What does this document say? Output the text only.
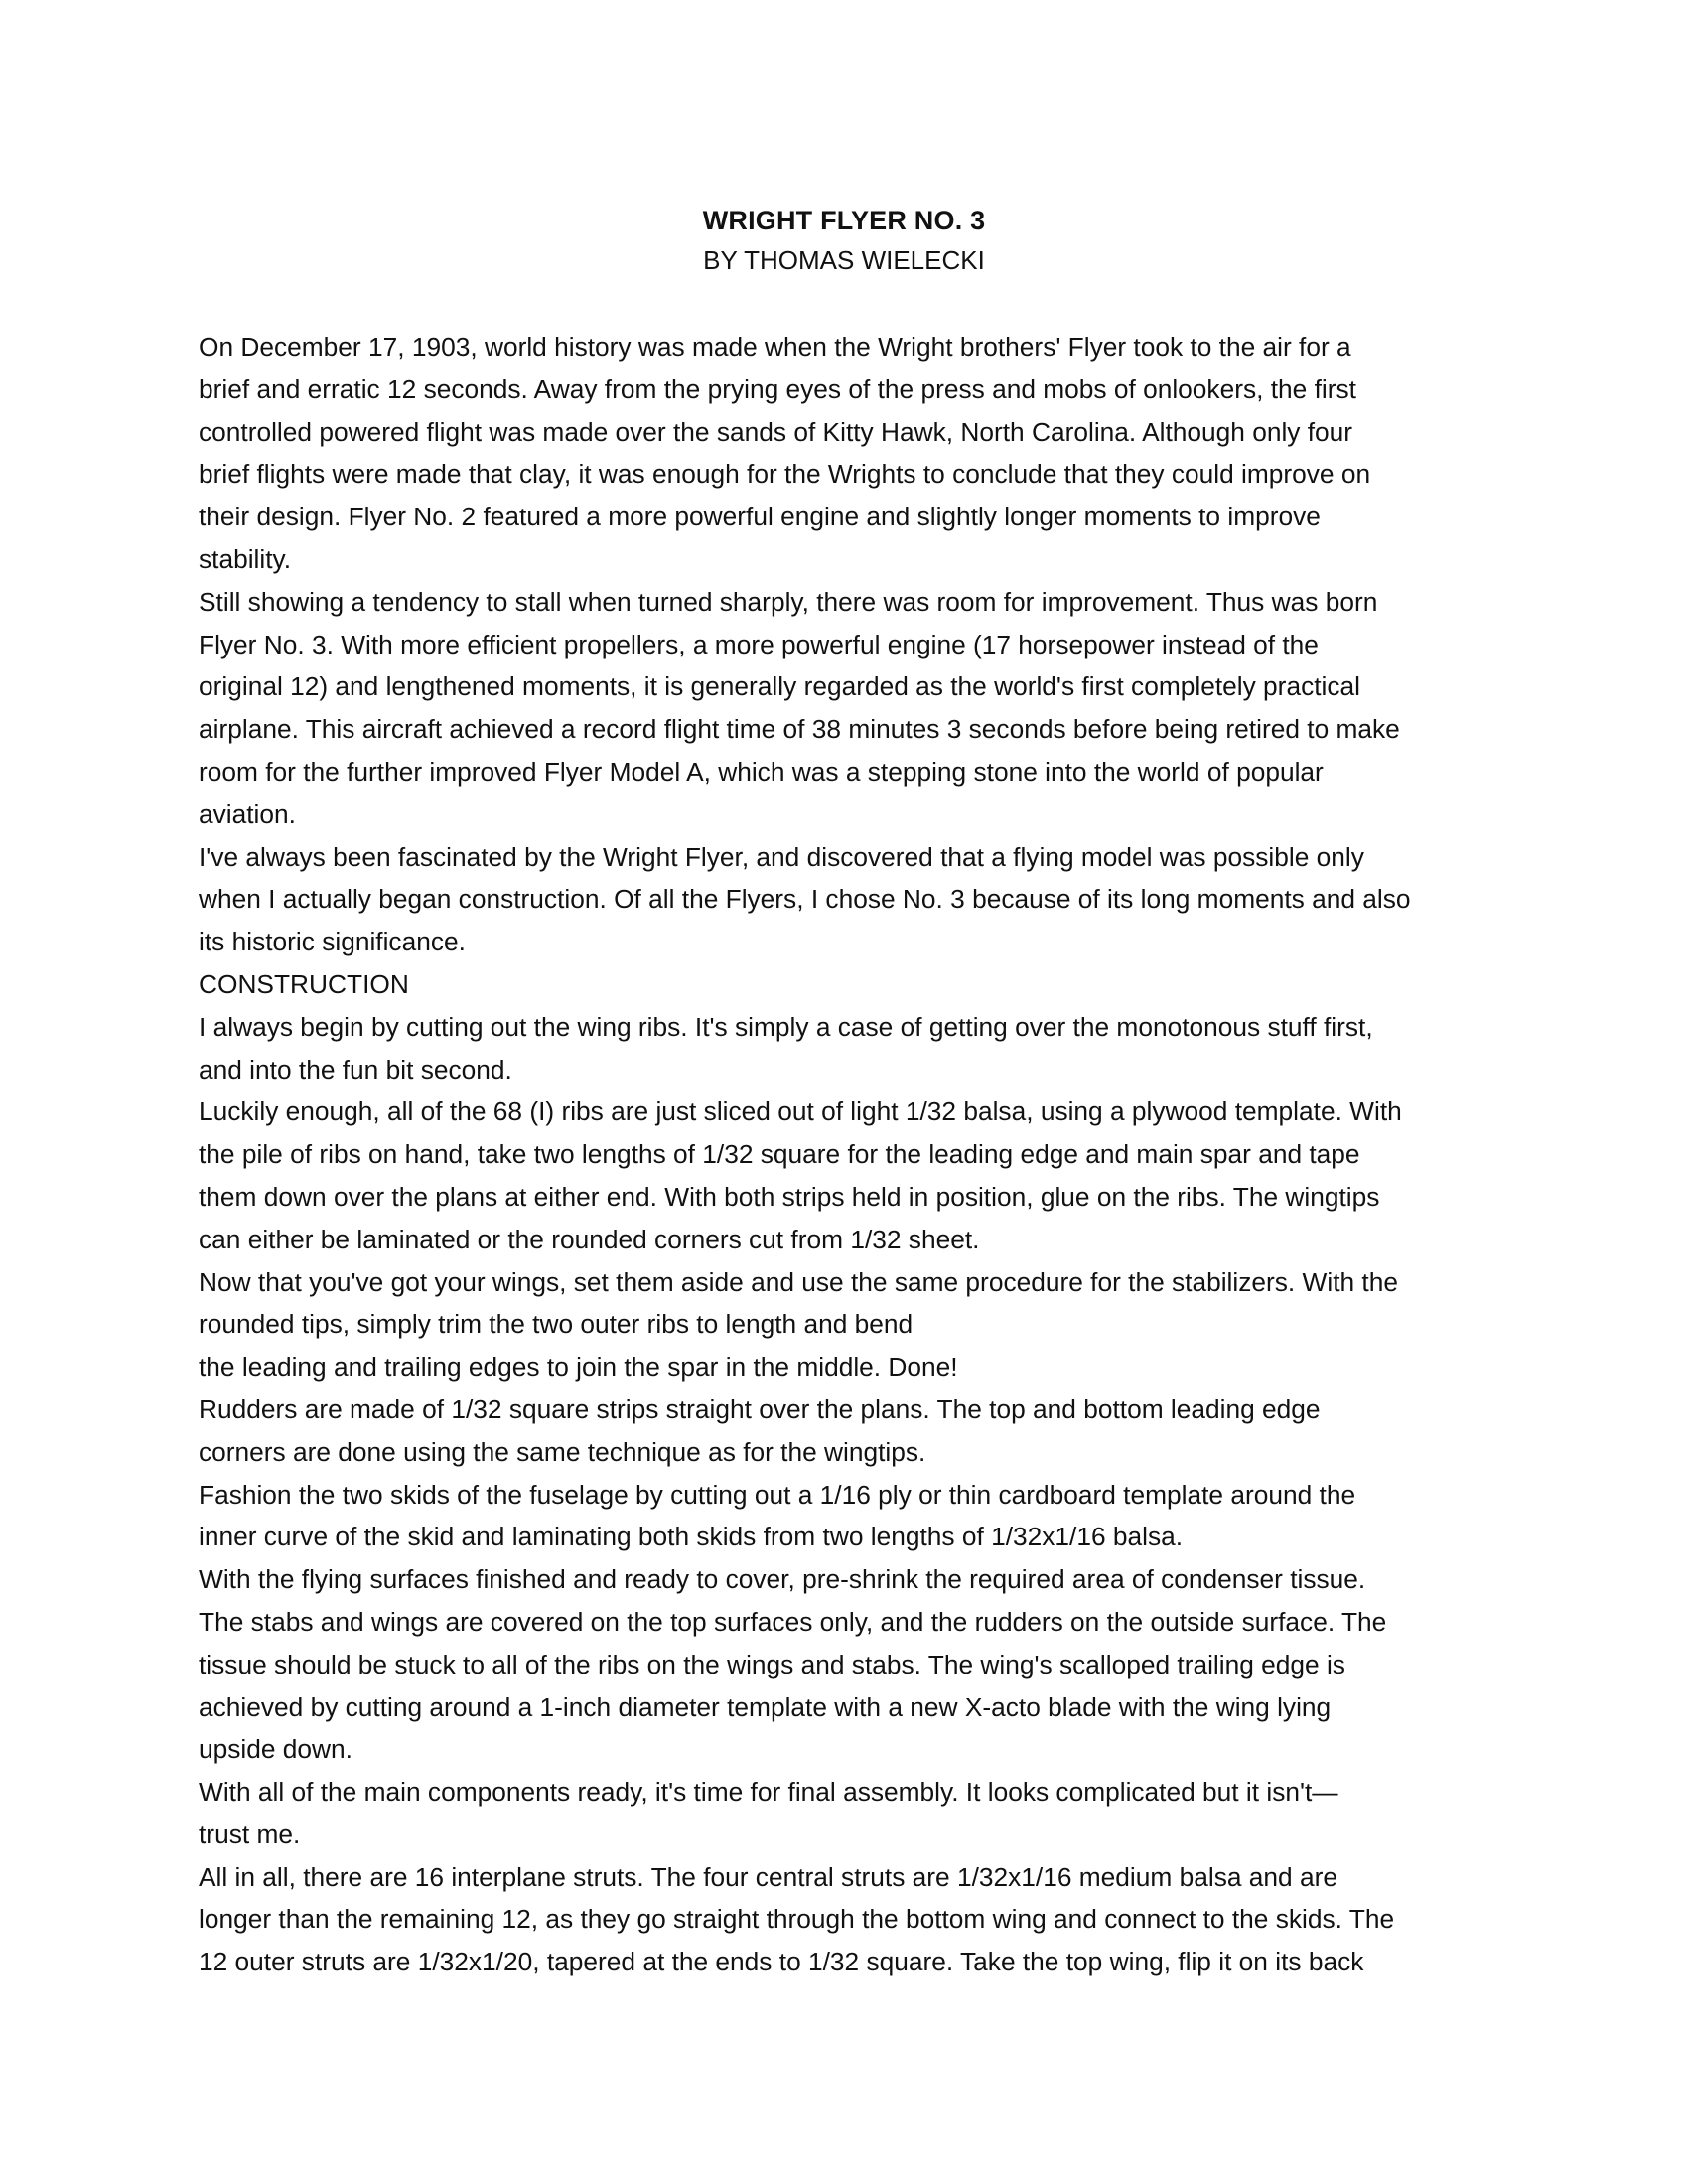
WRIGHT FLYER NO. 3
BY THOMAS WIELECKI
On December 17, 1903, world history was made when the Wright brothers' Flyer took to the air for a
brief and erratic 12 seconds. Away from the prying eyes of the press and mobs of onlookers, the first
controlled powered flight was made over the sands of Kitty Hawk, North Carolina. Although only four
brief flights were made that clay, it was enough for the Wrights to conclude that they could improve on
their design. Flyer No. 2 featured a more powerful engine and slightly longer moments to improve
stability.
Still showing a tendency to stall when turned sharply, there was room for improvement. Thus was born
Flyer No. 3. With more efficient propellers, a more powerful engine (17 horsepower instead of the
original 12) and lengthened moments, it is generally regarded as the world's first completely practical
airplane. This aircraft achieved a record flight time of 38 minutes 3 seconds before being retired to make
room for the further improved Flyer Model A, which was a stepping stone into the world of popular
aviation.
I've always been fascinated by the Wright Flyer, and discovered that a flying model was possible only
when I actually began construction. Of all the Flyers, I chose No. 3 because of its long moments and also
its historic significance.
CONSTRUCTION
I always begin by cutting out the wing ribs. It's simply a case of getting over the monotonous stuff first,
and into the fun bit second.
Luckily enough, all of the 68 (I) ribs are just sliced out of light 1/32 balsa, using a plywood template. With
the pile of ribs on hand, take two lengths of 1/32 square for the leading edge and main spar and tape
them down over the plans at either end. With both strips held in position, glue on the ribs. The wingtips
can either be laminated or the rounded corners cut from 1/32 sheet.
Now that you've got your wings, set them aside and use the same procedure for the stabilizers. With the
rounded tips, simply trim the two outer ribs to length and bend
the leading and trailing edges to join the spar in the middle. Done!
Rudders are made of 1/32 square strips straight over the plans. The top and bottom leading edge
corners are done using the same technique as for the wingtips.
Fashion the two skids of the fuselage by cutting out a 1/16 ply or thin cardboard template around the
inner curve of the skid and laminating both skids from two lengths of 1/32x1/16 balsa.
With the flying surfaces finished and ready to cover, pre-shrink the required area of condenser tissue.
The stabs and wings are covered on the top surfaces only, and the rudders on the outside surface. The
tissue should be stuck to all of the ribs on the wings and stabs. The wing's scalloped trailing edge is
achieved by cutting around a 1-inch diameter template with a new X-acto blade with the wing lying
upside down.
With all of the main components ready, it's time for final assembly. It looks complicated but it isn't—
trust me.
All in all, there are 16 interplane struts. The four central struts are 1/32x1/16 medium balsa and are
longer than the remaining 12, as they go straight through the bottom wing and connect to the skids. The
12 outer struts are 1/32x1/20, tapered at the ends to 1/32 square. Take the top wing, flip it on its back
